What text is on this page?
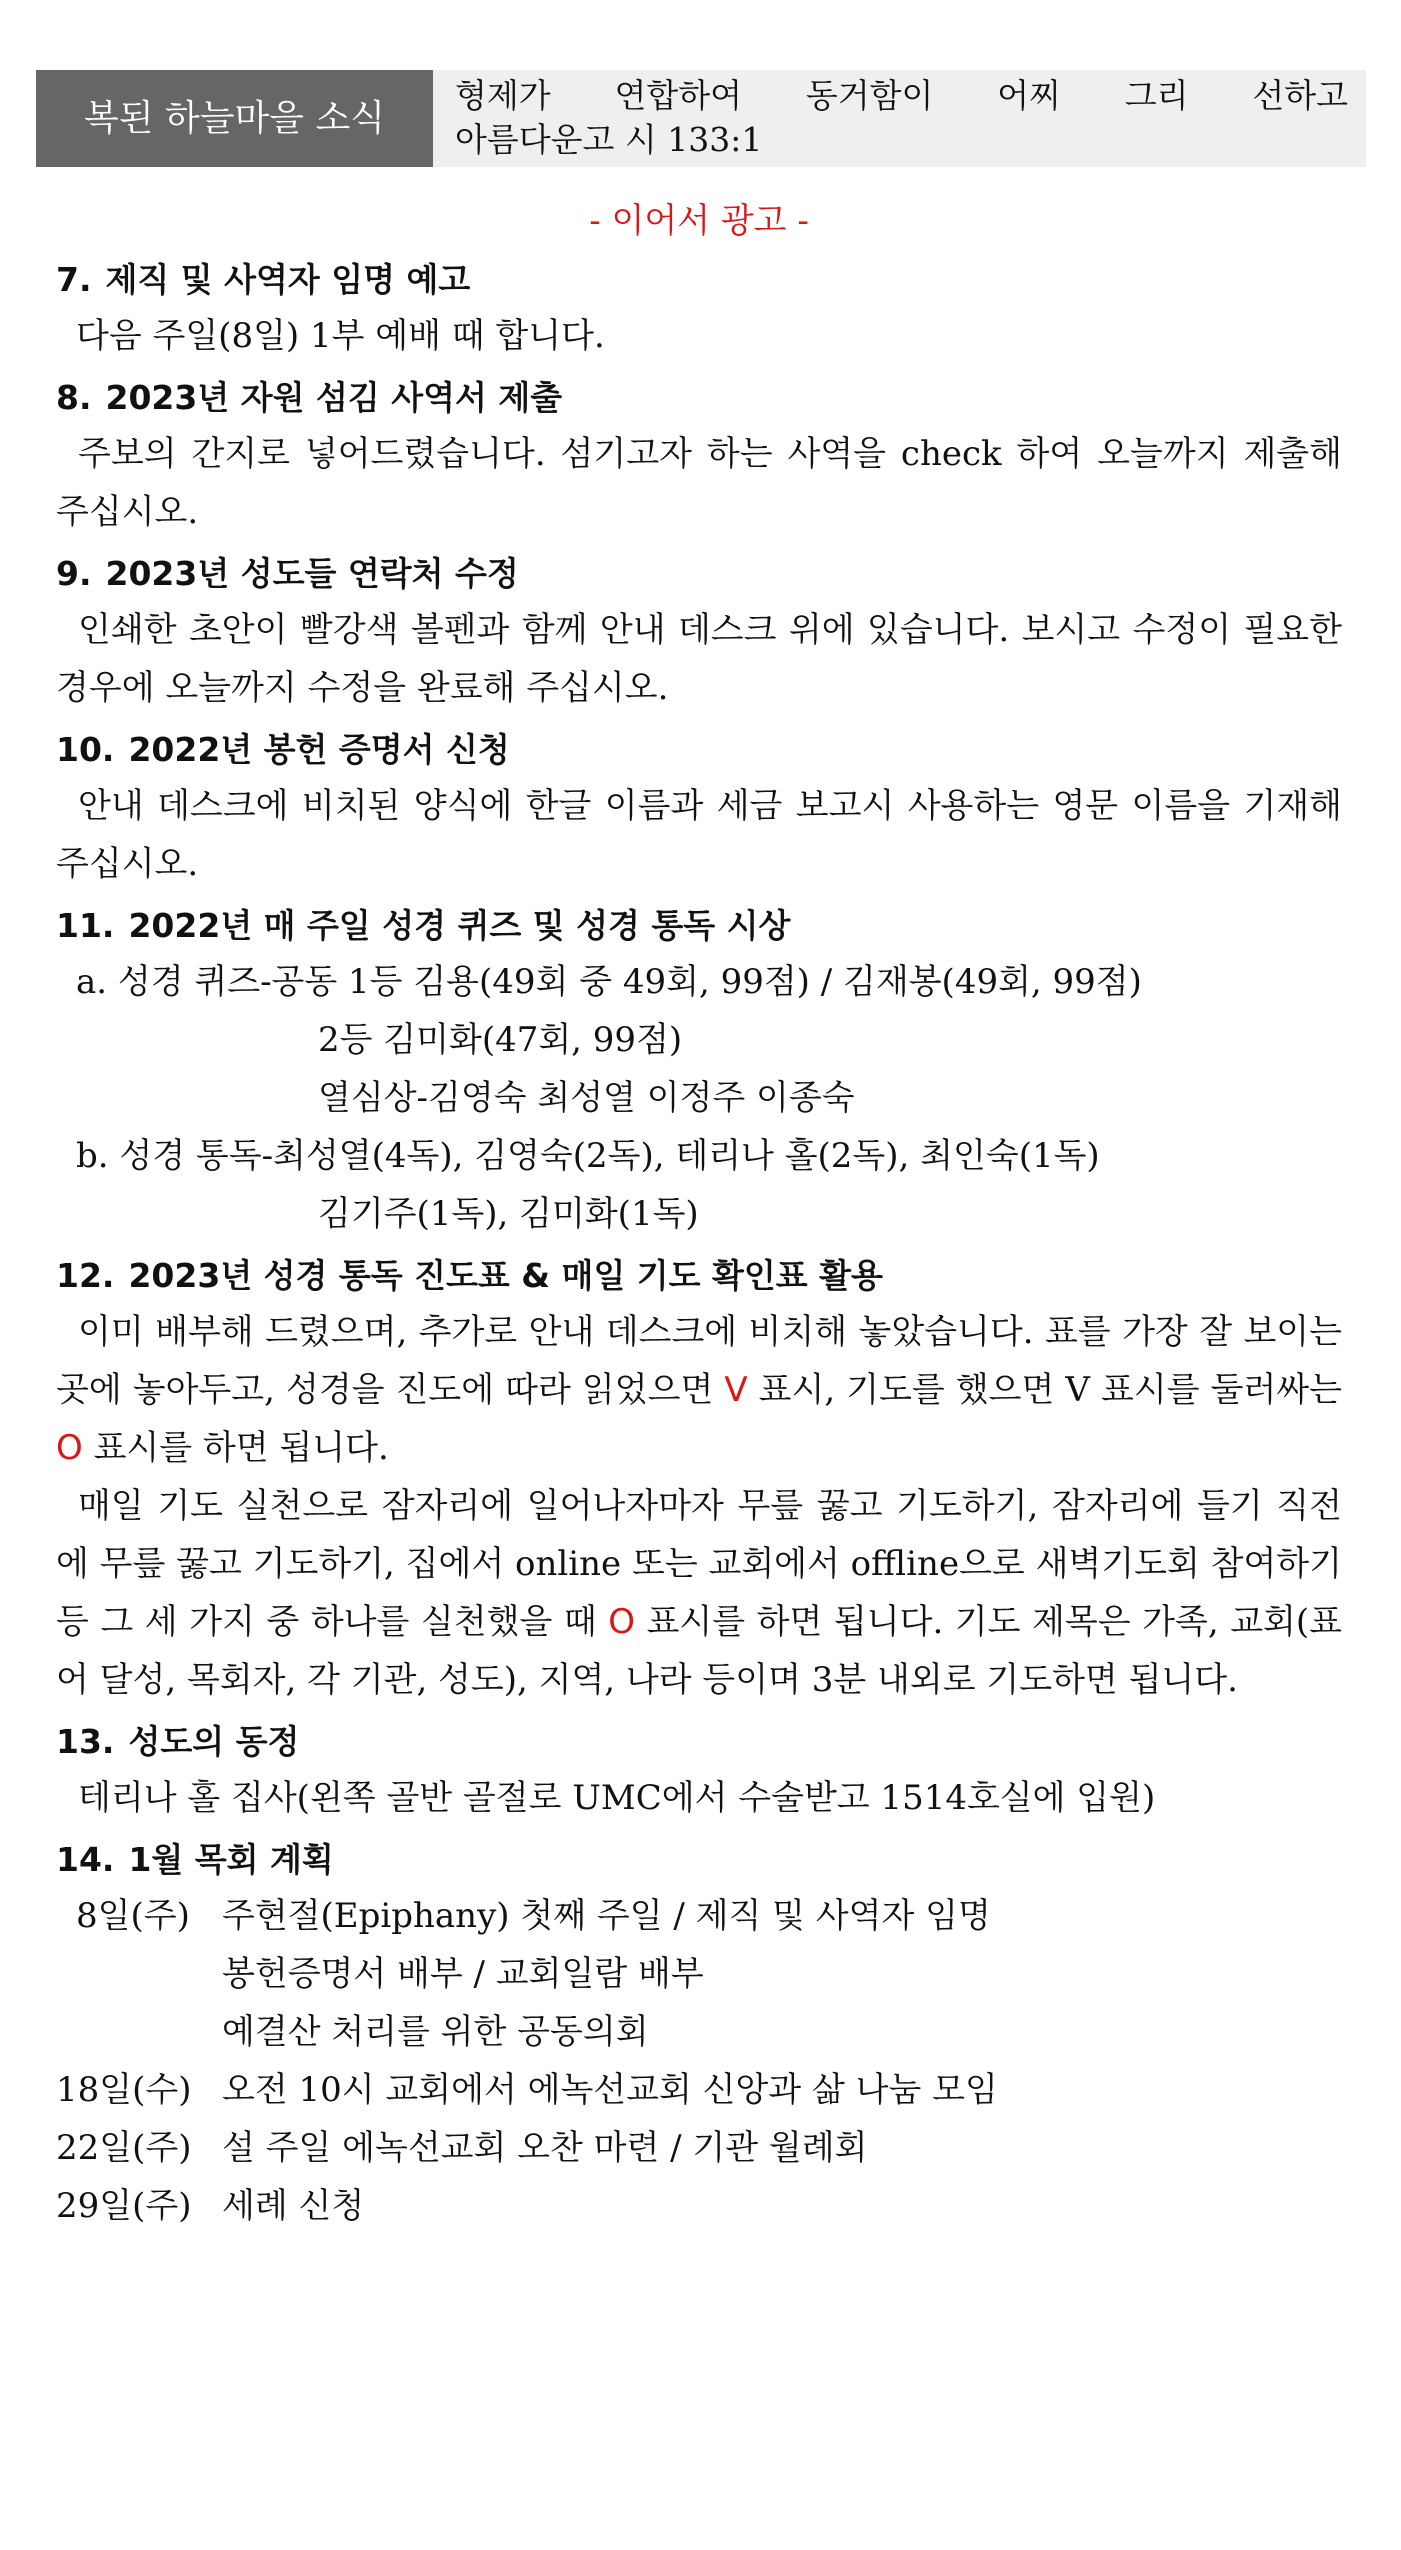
복된 하늘마을 소식

형제가 연합하여 동거함이 어찌 그리 선하고

아름다운고 시 133:1

- 이어서 광고 -
7. 제직 및 사역자 임명 예고
다음 주일(8일) 1부 예배 때 합니다.
8. 2023년 자원 섬김 사역서 제출
주보의 간지로 넣어드렸습니다. 섬기고자 하는 사역을 check 하여 오늘까지 제출해 주십시오.
9. 2023년 성도들 연락처 수정
인쇄한 초안이 빨강색 볼펜과 함께 안내 데스크 위에 있습니다. 보시고 수정이 필요한 경우에 오늘까지 수정을 완료해 주십시오.
10. 2022년 봉헌 증명서 신청
안내 데스크에 비치된 양식에 한글 이름과 세금 보고시 사용하는 영문 이름을 기재해 주십시오.
11. 2022년 매 주일 성경 퀴즈 및 성경 통독 시상
a. 성경 퀴즈-공동 1등 김용(49회 중 49회, 99점) / 김재봉(49회, 99점)
2등 김미화(47회, 99점)
열심상-김영숙 최성열 이정주 이종숙
b. 성경 통독-최성열(4독), 김영숙(2독), 테리나 홀(2독), 최인숙(1독)
김기주(1독), 김미화(1독)
12. 2023년 성경 통독 진도표 & 매일 기도 확인표 활용
이미 배부해 드렸으며, 추가로 안내 데스크에 비치해 놓았습니다. 표를 가장 잘 보이는 곳에 놓아두고, 성경을 진도에 따라 읽었으면 V 표시, 기도를 했으면 V 표시를 둘러싸는 O 표시를 하면 됩니다.
매일 기도 실천으로 잠자리에 일어나자마자 무릎 꿇고 기도하기, 잠자리에 들기 직전에 무릎 꿇고 기도하기, 집에서 online 또는 교회에서 offline으로 새벽기도회 참여하기 등 그 세 가지 중 하나를 실천했을 때 O 표시를 하면 됩니다. 기도 제목은 가족, 교회(표어 달성, 목회자, 각 기관, 성도), 지역, 나라 등이며 3분 내외로 기도하면 됩니다.
13. 성도의 동정
테리나 홀 집사(왼쪽 골반 골절로 UMC에서 수술받고 1514호실에 입원)
14. 1월 목회 계획
8일(주) 주현절(Epiphany) 첫째 주일 / 제직 및 사역자 임명
봉헌증명서 배부 / 교회일람 배부
예결산 처리를 위한 공동의회
18일(수) 오전 10시 교회에서 에녹선교회 신앙과 삶 나눔 모임
22일(주) 설 주일 에녹선교회 오찬 마련 / 기관 월례회
29일(주) 세례 신청
